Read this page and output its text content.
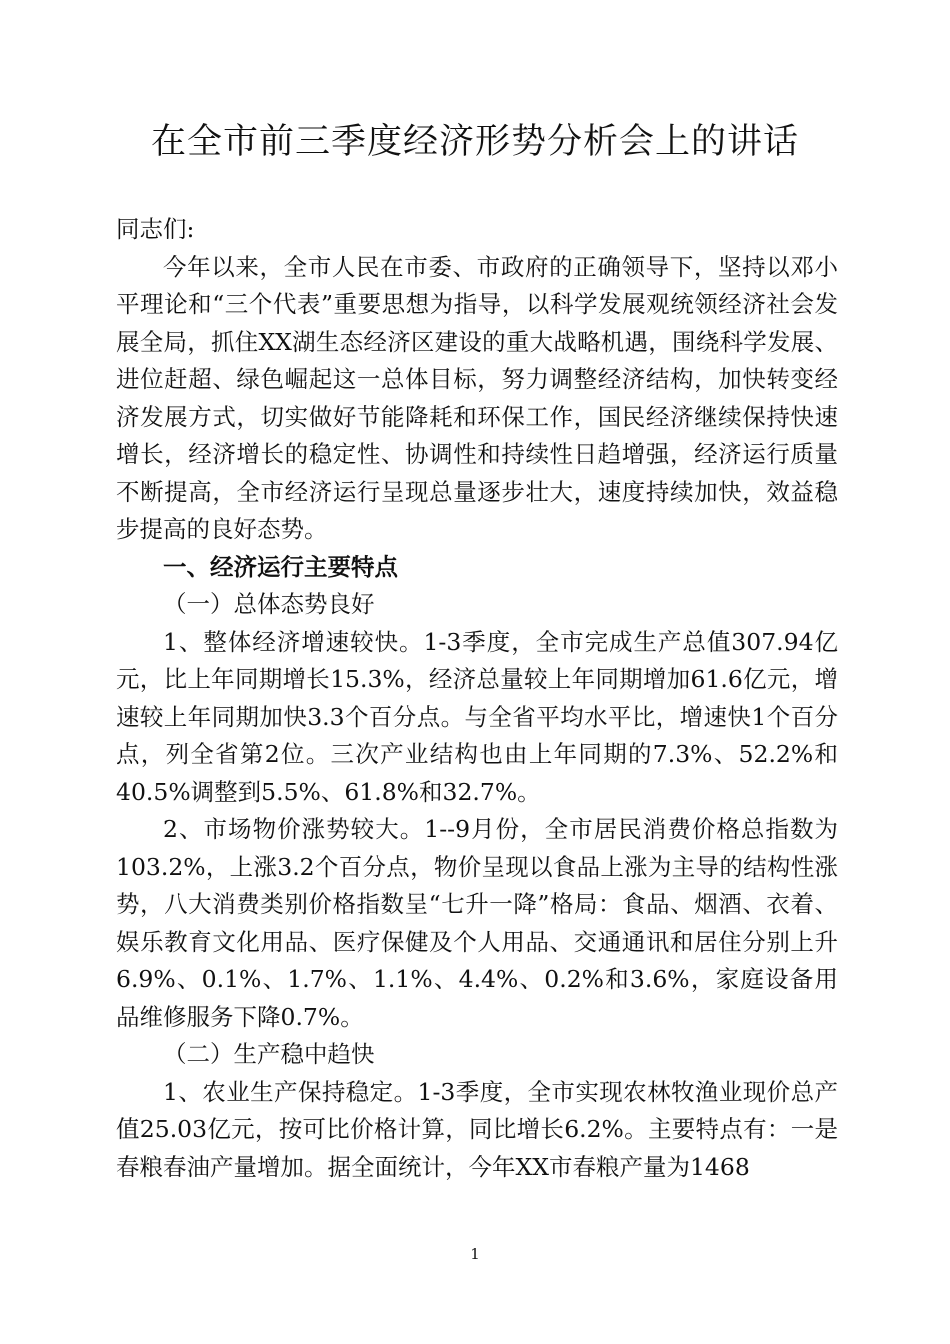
在全市前三季度经济形势分析会上的讲话

同志们:

今年以来，全市人民在市委、市政府的正确领导下，坚持以邓小平理论和“三个代表”重要思想为指导，以科学发展观统领经济社会发展全局，抓住XX湖生态经济区建设的重大战略机遇，围绕科学发展、进位赶超、绿色崛起这一总体目标，努力调整经济结构，加快转变经济发展方式，切实做好节能降耗和环保工作，国民经济继续保持快速增长，经济增长的稳定性、协调性和持续性日趋增强，经济运行质量不断提高，全市经济运行呈现总量逐步壮大，速度持续加快，效益稳步提高的良好态势。

一、经济运行主要特点

（一）总体态势良好

1、整体经济增速较快。1-3季度，全市完成生产总值307.94亿元，比上年同期增长15.3%，经济总量较上年同期增加61.6亿元，增速较上年同期加快3.3个百分点。与全省平均水平比，增速快1个百分点，列全省第2位。三次产业结构也由上年同期的7.3%、52.2%和40.5%调整到5.5%、61.8%和32.7%。

2、市场物价涨势较大。1--9月份，全市居民消费价格总指数为103.2%，上涨3.2个百分点，物价呈现以食品上涨为主导的结构性涨势，八大消费类别价格指数呈“七升一降”格局：食品、烟酒、衣着、娱乐教育文化用品、医疗保健及个人用品、交通通讯和居住分别上升6.9%、0.1%、1.7%、1.1%、4.4%、0.2%和3.6%，家庭设备用品维修服务下降0.7%。

（二）生产稳中趋快

1、农业生产保持稳定。1-3季度，全市实现农林牧渔业现价总产值25.03亿元，按可比价格计算，同比增长6.2%。主要特点有：一是春粮春油产量增加。据全面统计，今年XX市春粮产量为1468

1
